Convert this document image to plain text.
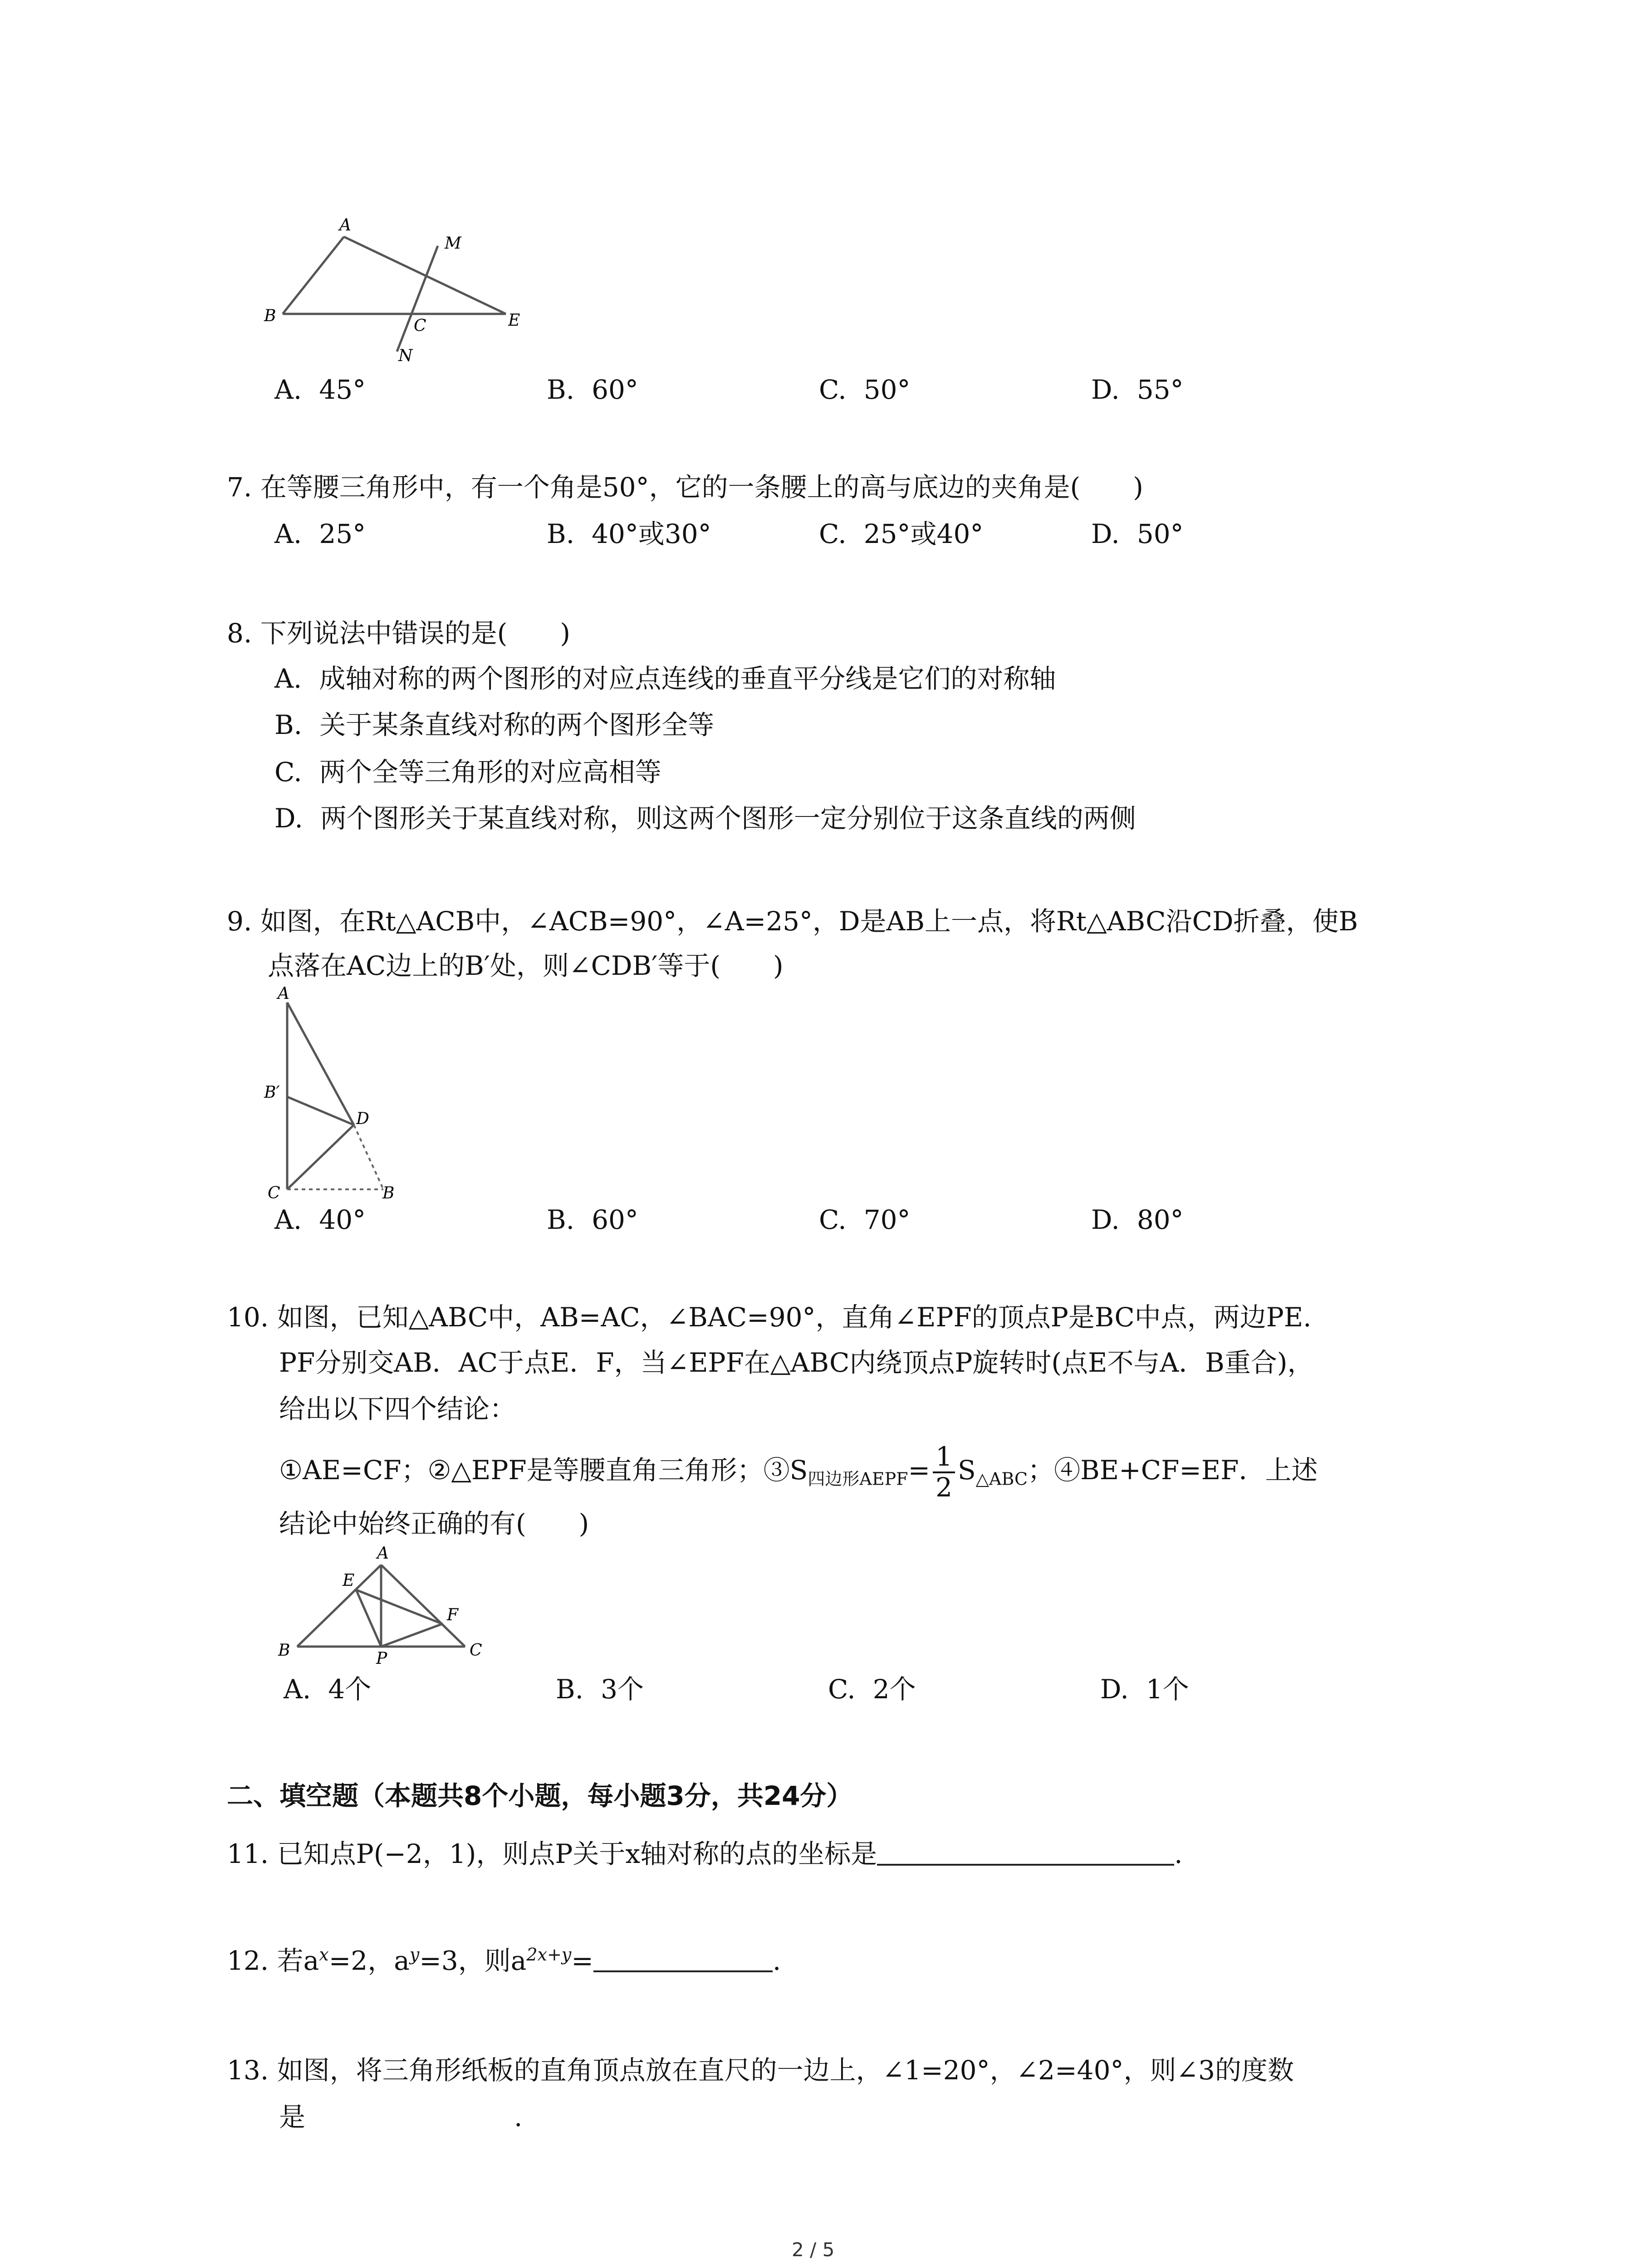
A
M
B
C	E
N
A. 45°	B. 60°	C. 50°	D. 55°
7. 在等腰三角形中，有一个角是50°，它的一条腰上的高与底边的夹角是(　　)
A. 25°	B. 40°或30°	C. 25°或40°	D. 50°
8. 下列说法中错误的是(　　)
A. 成轴对称的两个图形的对应点连线的垂直平分线是它们的对称轴
B. 关于某条直线对称的两个图形全等
C. 两个全等三角形的对应高相等
D. 两个图形关于某直线对称，则这两个图形一定分别位于这条直线的两侧
9. 如图，在Rt△ACB中，∠ACB=90°，∠A=25°，D是AB上一点，将Rt△ABC沿CD折叠，使B
点落在AC边上的B′处，则∠CDB′等于(　　)
A
B′
D
C	B
A. 40°	B. 60°	C. 70°	D. 80°
10. 如图，已知△ABC中，AB=AC，∠BAC=90°，直角∠EPF的顶点P是BC中点，两边PE.
PF分别交AB．AC于点E．F，当∠EPF在△ABC内绕顶点P旋转时(点E不与A．B重合)，
给出以下四个结论：
①AE=CF；②△EPF是等腰直角三角形；$③S_{四边形AEPF}= \frac{1}{2} S_{\triangle ABC}$；④BE+CF=EF．上述
结论中始终正确的有(　　)
A
E
F
B	P	C
A. 4个	B. 3个	C. 2个	D. 1个
二、填空题（本题共8个小题，每小题3分，共24分）
11. 已知点P(−2，1)，则点P关于x轴对称的点的坐标是	.
12. 若$a^x=2$，$a^y=3$，则$a^{2x+y}=$	.
13. 如图，将三角形纸板的直角顶点放在直尺的一边上，∠1=20°，∠2=40°，则∠3的度数
是	.
2 / 5
